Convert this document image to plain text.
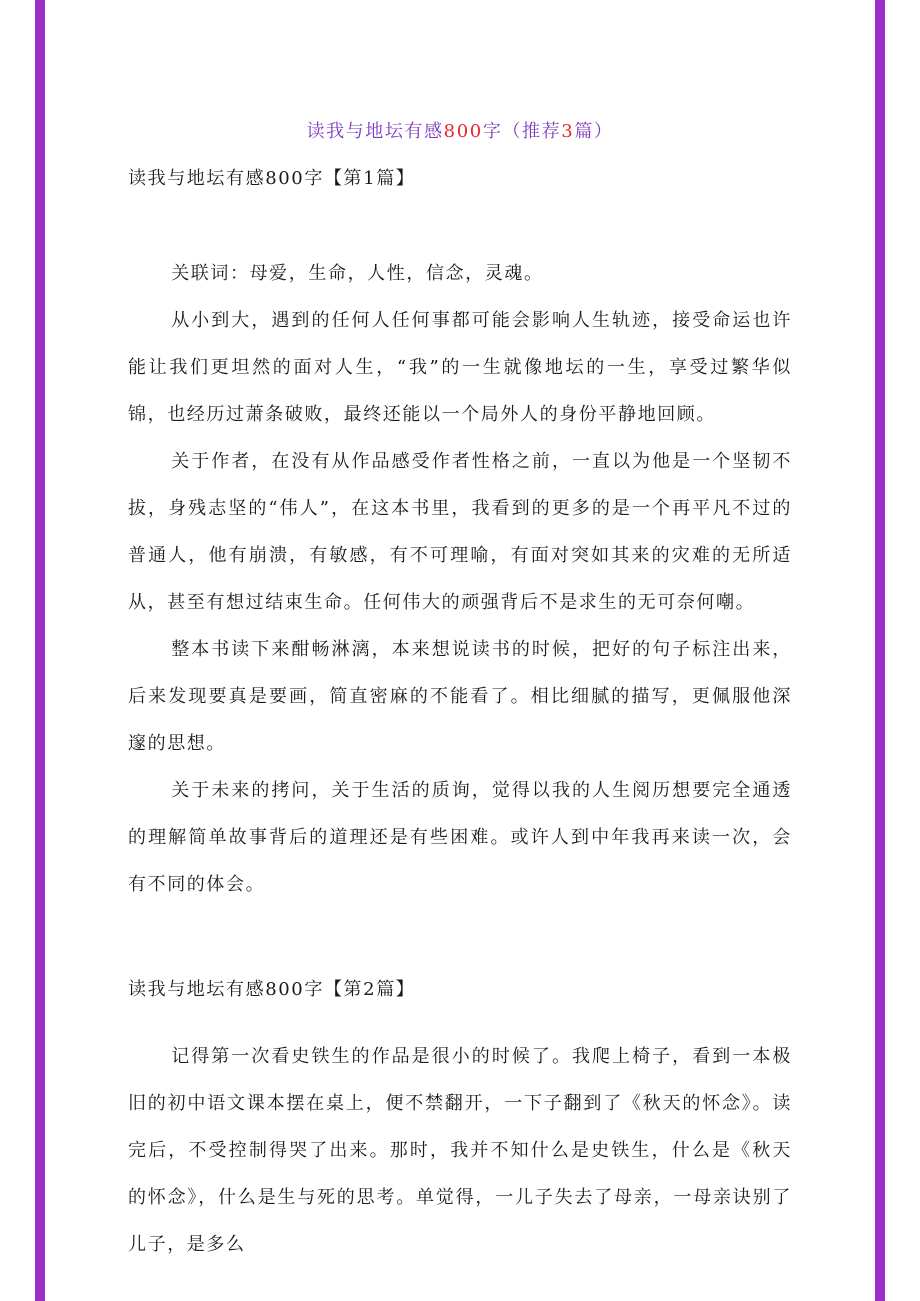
读我与地坛有感800字（推荐3篇）

读我与地坛有感800字【第1篇】

关联词：母爱，生命，人性，信念，灵魂。

从小到大，遇到的任何人任何事都可能会影响人生轨迹，接受命运也许能让我们更坦然的面对人生，“我”的一生就像地坛的一生，享受过繁华似锦，也经历过萧条破败，最终还能以一个局外人的身份平静地回顾。

关于作者，在没有从作品感受作者性格之前，一直以为他是一个坚韧不拔，身残志坚的“伟人”，在这本书里，我看到的更多的是一个再平凡不过的普通人，他有崩溃，有敏感，有不可理喻，有面对突如其来的灾难的无所适从，甚至有想过结束生命。任何伟大的顽强背后不是求生的无可奈何嘲。

整本书读下来酣畅淋漓，本来想说读书的时候，把好的句子标注出来，后来发现要真是要画，简直密麻的不能看了。相比细腻的描写，更佩服他深邃的思想。

关于未来的拷问，关于生活的质询，觉得以我的人生阅历想要完全通透的理解简单故事背后的道理还是有些困难。或许人到中年我再来读一次，会有不同的体会。

读我与地坛有感800字【第2篇】

记得第一次看史铁生的作品是很小的时候了。我爬上椅子，看到一本极旧的初中语文课本摆在桌上，便不禁翻开，一下子翻到了《秋天的怀念》。读完后，不受控制得哭了出来。那时，我并不知什么是史铁生，什么是《秋天的怀念》，什么是生与死的思考。单觉得，一儿子失去了母亲，一母亲诀别了儿子，是多么
